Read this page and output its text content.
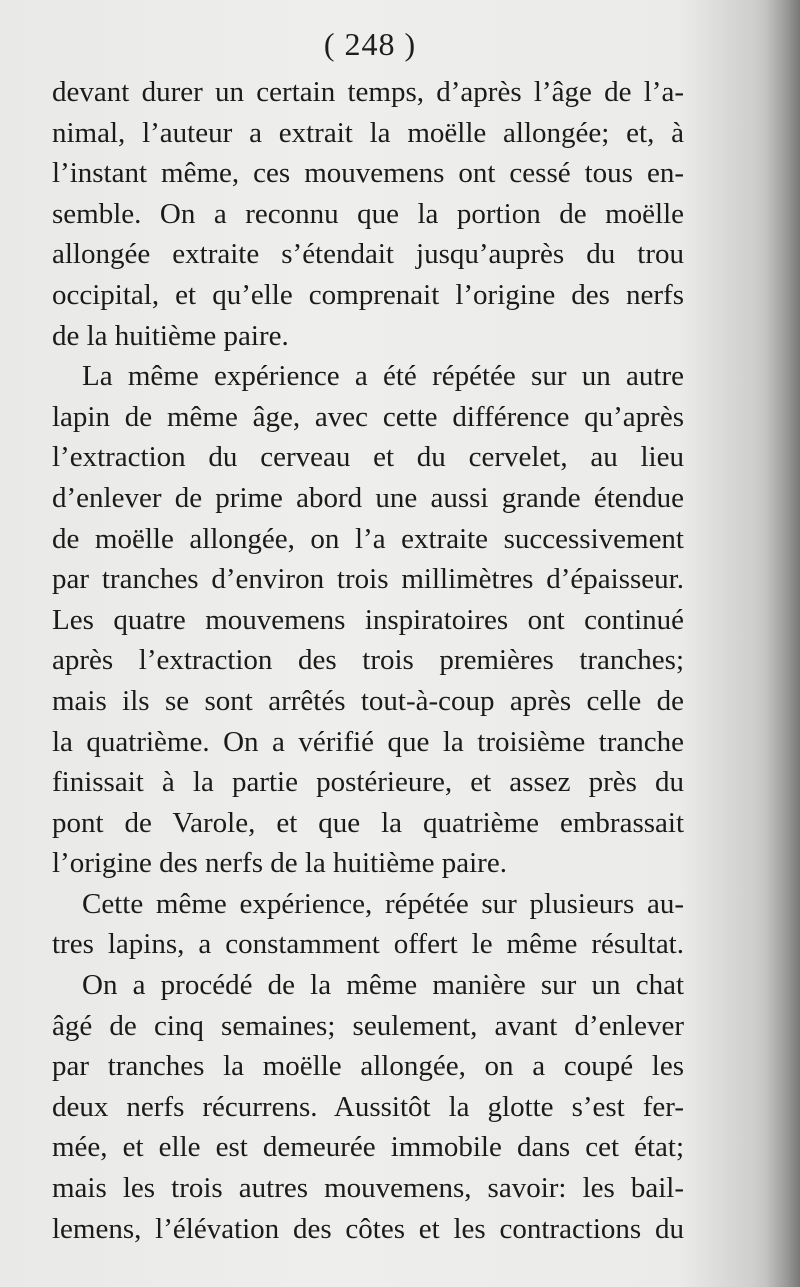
( 248 )
devant durer un certain temps, d’après l’âge de l’a-
nimal, l’auteur a extrait la moëlle allongée; et, à
l’instant même, ces mouvemens ont cessé tous en-
semble. On a reconnu que la portion de moëlle
allongée extraite s’étendait jusqu’auprès du trou
occipital, et qu’elle comprenait l’origine des nerfs
de la huitième paire.
La même expérience a été répétée sur un autre
lapin de même âge, avec cette différence qu’après
l’extraction du cerveau et du cervelet, au lieu
d’enlever de prime abord une aussi grande étendue
de moëlle allongée, on l’a extraite successivement
par tranches d’environ trois millimètres d’épaisseur.
Les quatre mouvemens inspiratoires ont continué
après l’extraction des trois premières tranches;
mais ils se sont arrêtés tout-à-coup après celle de
la quatrième. On a vérifié que la troisième tranche
finissait à la partie postérieure, et assez près du
pont de Varole, et que la quatrième embrassait
l’origine des nerfs de la huitième paire.
Cette même expérience, répétée sur plusieurs au-
tres lapins, a constamment offert le même résultat.
On a procédé de la même manière sur un chat
âgé de cinq semaines; seulement, avant d’enlever
par tranches la moëlle allongée, on a coupé les
deux nerfs récurrens. Aussitôt la glotte s’est fer-
mée, et elle est demeurée immobile dans cet état;
mais les trois autres mouvemens, savoir: les bail-
lemens, l’élévation des côtes et les contractions du
